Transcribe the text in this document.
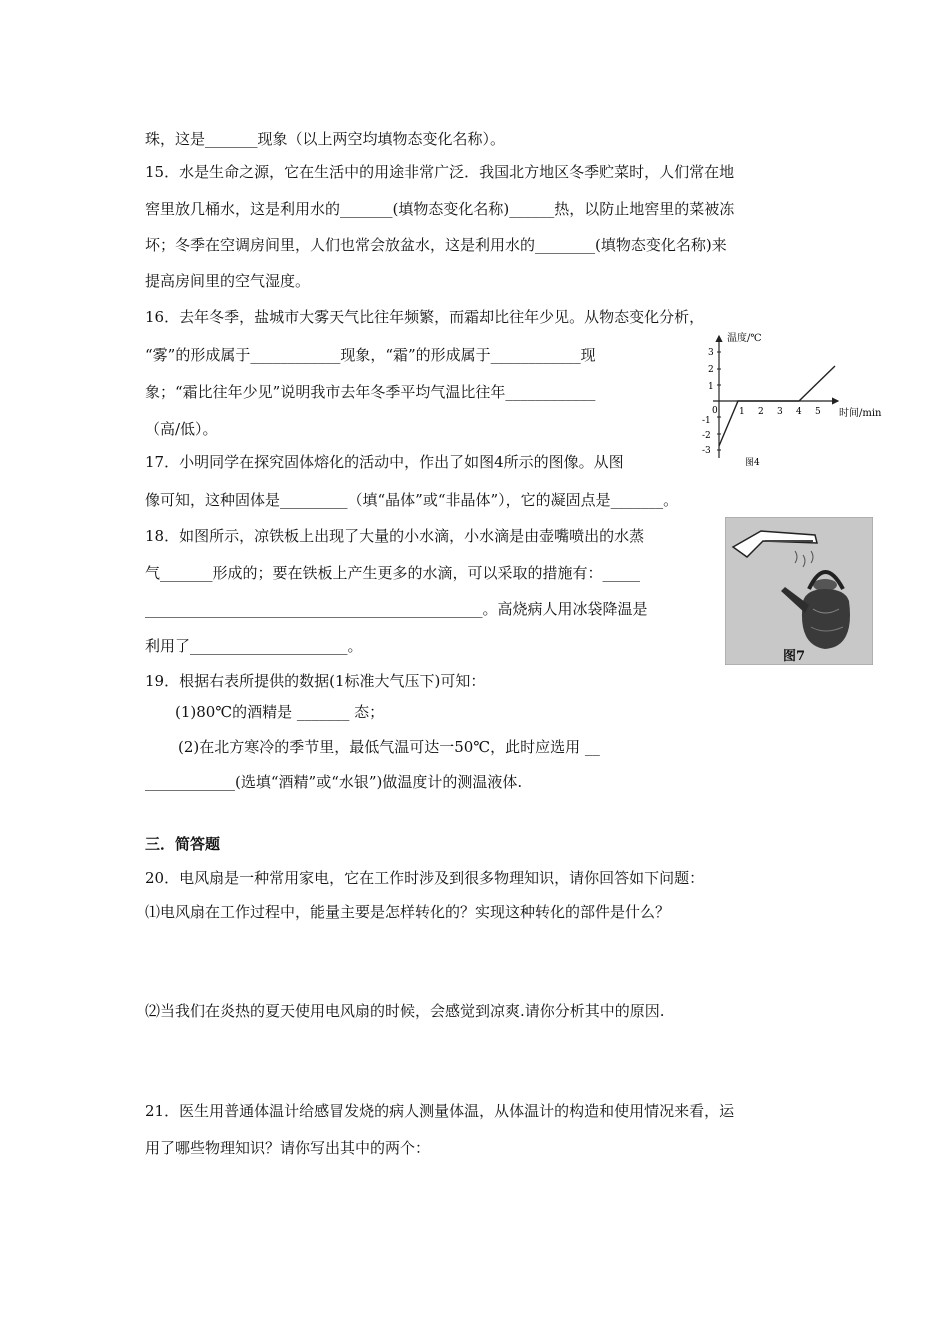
珠，这是_______现象（以上两空均填物态变化名称）。
15．水是生命之源，它在生活中的用途非常广泛．我国北方地区冬季贮菜时，人们常在地
窖里放几桶水，这是利用水的_______(填物态变化名称)______热，以防止地窖里的菜被冻
坏；冬季在空调房间里，人们也常会放盆水，这是利用水的________(填物态变化名称)来
提高房间里的空气湿度。
16．去年冬季，盐城市大雾天气比往年频繁，而霜却比往年少见。从物态变化分析，
“雾”的形成属于____________现象，“霜”的形成属于____________现
象；“霜比往年少见”说明我市去年冬季平均气温比往年____________
（高/低）。
17．小明同学在探究固体熔化的活动中，作出了如图4所示的图像。从图
像可知，这种固体是_________（填“晶体”或“非晶体”），它的凝固点是_______。
18．如图所示，凉铁板上出现了大量的小水滴，小水滴是由壶嘴喷出的水蒸
气_______形成的；要在铁板上产生更多的水滴，可以采取的措施有：_____
_____________________________________________。高烧病人用冰袋降温是
利用了_____________________。
19．根据右表所提供的数据(1标准大气压下)可知：
(1)80℃的酒精是 _______ 态；
(2)在北方寒冷的季节里，最低气温可达一50℃，此时应选用 __
____________(选填“酒精”或“水银”)做温度计的测温液体.
三．简答题
20．电风扇是一种常用家电，它在工作时涉及到很多物理知识，请你回答如下问题：
⑴电风扇在工作过程中，能量主要是怎样转化的？实现这种转化的部件是什么？
⑵当我们在炎热的夏天使用电风扇的时候，会感觉到凉爽.请你分析其中的原因.
21．医生用普通体温计给感冒发烧的病人测量体温，从体温计的构造和使用情况来看，运
用了哪些物理知识？请你写出其中的两个：
温度/℃
时间/min
3
2
1
0
-1
-2
-3
1 2 3 4 5
图4
图7
